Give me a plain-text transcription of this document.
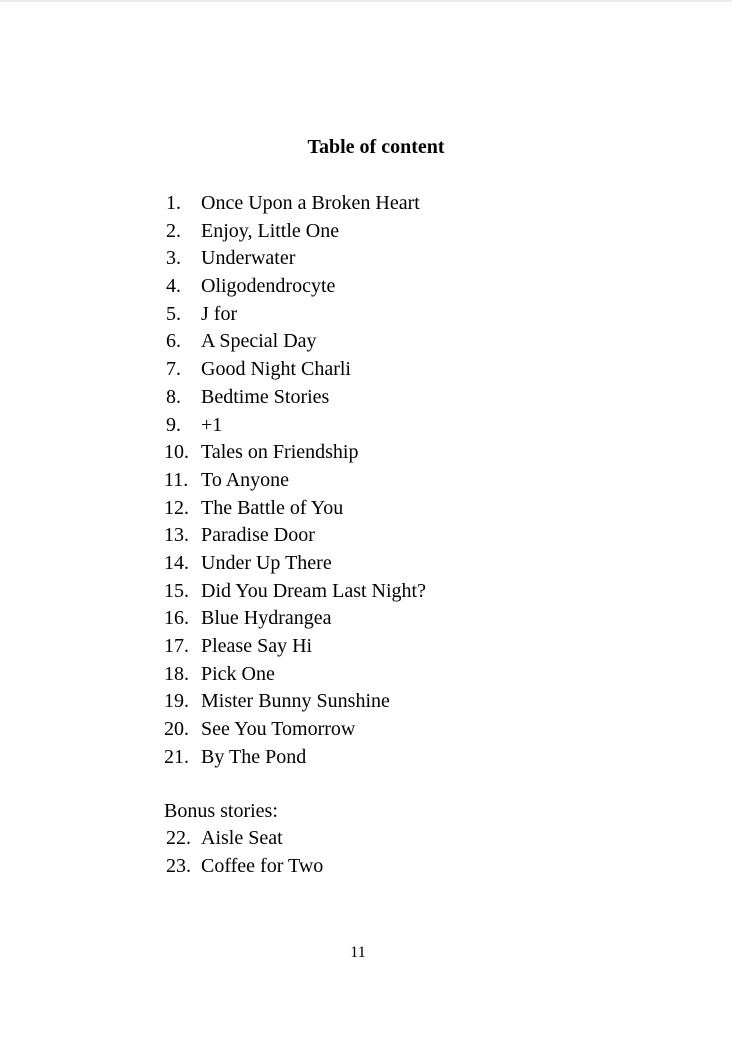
Table of content
1. Once Upon a Broken Heart
2. Enjoy, Little One
3. Underwater
4. Oligodendrocyte
5. J for
6. A Special Day
7. Good Night Charli
8. Bedtime Stories
9. +1
10. Tales on Friendship
11. To Anyone
12. The Battle of You
13. Paradise Door
14. Under Up There
15. Did You Dream Last Night?
16. Blue Hydrangea
17. Please Say Hi
18. Pick One
19. Mister Bunny Sunshine
20. See You Tomorrow
21. By The Pond
Bonus stories:
22. Aisle Seat
23. Coffee for Two
11
